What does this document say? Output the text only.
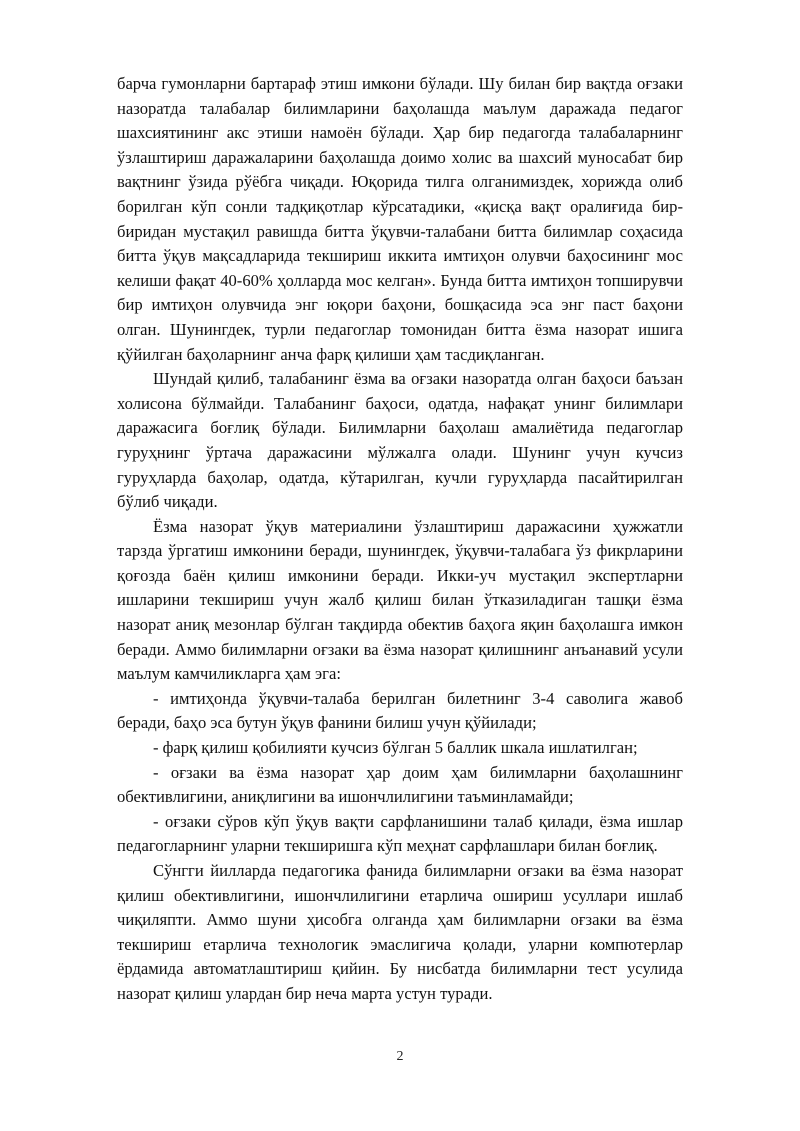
барча гумонларни бартараф этиш имкони бўлади. Шу билан бир вақтда оғзаки назоратда талабалар билимларини баҳолашда маълум даражада педагог шахсиятининг акс этиши намоён бўлади. Ҳар бир педагогда талабаларнинг ўзлаштириш даражаларини баҳолашда доимо холис ва шахсий муносабат бир вақтнинг ўзида рўёбга чиқади. Юқорида тилга олганимиздек, хорижда олиб борилган кўп сонли тадқиқотлар кўрсатадики, «қисқа вақт оралиғида бир-биридан мустақил равишда битта ўқувчи-талабани битта билимлар соҳасида битта ўқув мақсадларида текшириш иккита имтиҳон олувчи баҳосининг мос келиши фақат 40-60% ҳолларда мос келган». Бунда битта имтиҳон топширувчи бир имтиҳон олувчида энг юқори баҳони, бошқасида эса энг паст баҳони олган. Шунингдек, турли педагоглар томонидан битта ёзма назорат ишига қўйилган баҳоларнинг анча фарқ қилиши ҳам тасдиқланган.

Шундай қилиб, талабанинг ёзма ва оғзаки назоратда олган баҳоси баъзан холисона бўлмайди. Талабанинг баҳоси, одатда, нафақат унинг билимлари даражасига боғлиқ бўлади. Билимларни баҳолаш амалиётида педагоглар гуруҳнинг ўртача даражасини мўлжалга олади. Шунинг учун кучсиз гуруҳларда баҳолар, одатда, кўтарилган, кучли гуруҳларда пасайтирилган бўлиб чиқади.

Ёзма назорат ўқув материалини ўзлаштириш даражасини ҳужжатли тарзда ўргатиш имконини беради, шунингдек, ўқувчи-талабага ўз фикрларини қоғозда баён қилиш имконини беради. Икки-уч мустақил экспертларни ишларини текшириш учун жалб қилиш билан ўтказиладиган ташқи ёзма назорат аниқ мезонлар бўлган тақдирда обектив баҳога яқин баҳолашга имкон беради. Аммо билимларни оғзаки ва ёзма назорат қилишнинг анъанавий усули маълум камчиликларга ҳам эга:

- имтиҳонда ўқувчи-талаба берилган билетнинг 3-4 саволига жавоб беради, баҳо эса бутун ўқув фанини билиш учун қўйилади;

- фарқ қилиш қобилияти кучсиз бўлган 5 баллик шкала ишлатилган;

- оғзаки ва ёзма назорат ҳар доим ҳам билимларни баҳолашнинг обективлигини, аниқлигини ва ишончлилигини таъминламайди;

- оғзаки сўров кўп ўқув вақти сарфланишини талаб қилади, ёзма ишлар педагогларнинг уларни текширишга кўп меҳнат сарфлашлари билан боғлиқ.

Сўнгги йилларда педагогика фанида билимларни оғзаки ва ёзма назорат қилиш обективлигини, ишончлилигини етарлича ошириш усуллари ишлаб чиқиляпти. Аммо шуни ҳисобга олганда ҳам билимларни оғзаки ва ёзма текшириш етарлича технологик эмаслигича қолади, уларни компютерлар ёрдамида автоматлаштириш қийин. Бу нисбатда билимларни тест усулида назорат қилиш улардан бир неча марта устун туради.

2
